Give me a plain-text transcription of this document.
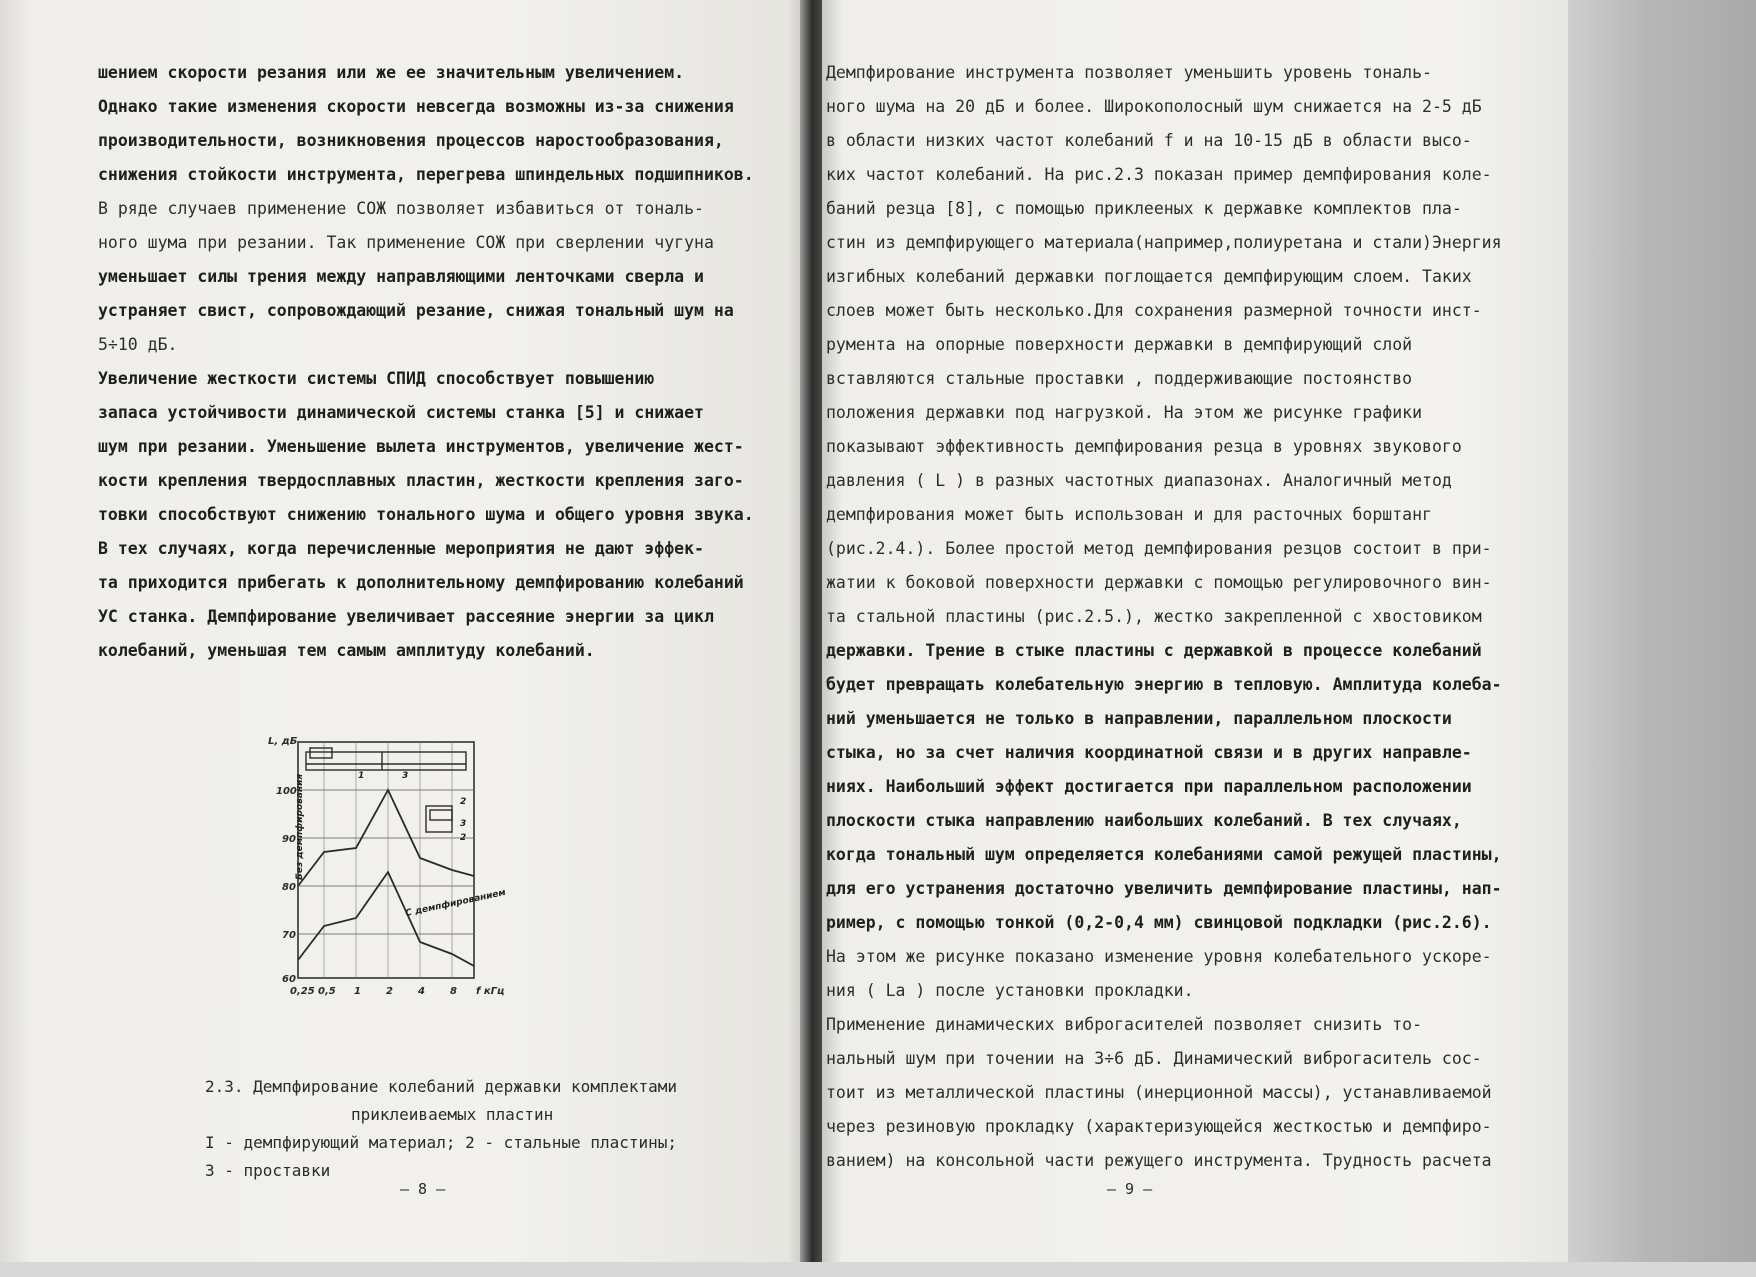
шением скорости резания или же ее значительным увеличением.
Однако такие изменения скорости невсегда возможны из-за снижения
производительности, возникновения процессов наростообразования,
снижения стойкости инструмента, перегрева шпиндельных подшипников.
В ряде случаев применение СОЖ позволяет избавиться от тональ-
ного шума при резании. Так применение СОЖ при сверлении чугуна
уменьшает силы трения между направляющими ленточками сверла и
устраняет свист, сопровождающий резание, снижая тональный шум на
5÷10 дБ.
Увеличение жесткости системы СПИД способствует повышению
запаса устойчивости динамической системы станка [5] и снижает
шум при резании. Уменьшение вылета инструментов, увеличение жест-
кости крепления твердосплавных пластин, жесткости крепления заго-
товки способствуют снижению тонального шума и общего уровня звука.
В тех случаях, когда перечисленные мероприятия не дают эффек-
та приходится прибегать к дополнительному демпфированию колебаний
УС станка. Демпфирование увеличивает рассеяние энергии за цикл
колебаний, уменьшая тем самым амплитуду колебаний.
L, дБ
100
90
80
70
60
0,25 0,5 1	2	4	8 f кГц
1
2
3
2
3
Без демпфирования
С демпфированием
2.3. Демпфирование колебаний державки комплектами
приклеиваемых пластин
I - демпфирующий материал; 2 - стальные пластины;
3 - проставки
— 8 —
Демпфирование инструмента позволяет уменьшить уровень тональ-
ного шума на 20 дБ и более. Широкополосный шум снижается на 2-5 дБ
в области низких частот колебаний f и на 10-15 дБ в области высо-
ких частот колебаний. На рис.2.3 показан пример демпфирования коле-
баний резца [8], с помощью приклееных к державке комплектов пла-
стин из демпфирующего материала(например,полиуретана и стали)Энергия
изгибных колебаний державки поглощается демпфирующим слоем. Таких
слоев может быть несколько.Для сохранения размерной точности инст-
румента на опорные поверхности державки в демпфирующий слой
вставляются стальные проставки , поддерживающие постоянство
положения державки под нагрузкой. На этом же рисунке графики
показывают эффективность демпфирования резца в уровнях звукового
давления ( L ) в разных частотных диапазонах. Аналогичный метод
демпфирования может быть использован и для расточных борштанг
(рис.2.4.). Более простой метод демпфирования резцов состоит в при-
жатии к боковой поверхности державки с помощью регулировочного вин-
та стальной пластины (рис.2.5.), жестко закрепленной с хвостовиком
державки. Трение в стыке пластины с державкой в процессе колебаний
будет превращать колебательную энергию в тепловую. Амплитуда колеба-
ний уменьшается не только в направлении, параллельном плоскости
стыка, но за счет наличия координатной связи и в других направле-
ниях. Наибольший эффект достигается при параллельном расположении
плоскости стыка направлению наибольших колебаний. В тех случаях,
когда тональный шум определяется колебаниями самой режущей пластины,
для его устранения достаточно увеличить демпфирование пластины, нап-
ример, с помощью тонкой (0,2-0,4 мм) свинцовой подкладки (рис.2.6).
На этом же рисунке показано изменение уровня колебательного ускоре-
ния ( La ) после установки прокладки.
Применение динамических виброгасителей позволяет снизить то-
нальный шум при точении на 3÷6 дБ. Динамический виброгаситель сос-
тоит из металлической пластины (инерционной массы), устанавливаемой
через резиновую прокладку (характеризующейся жесткостью и демпфиро-
ванием) на консольной части режущего инструмента. Трудность расчета
— 9 —
